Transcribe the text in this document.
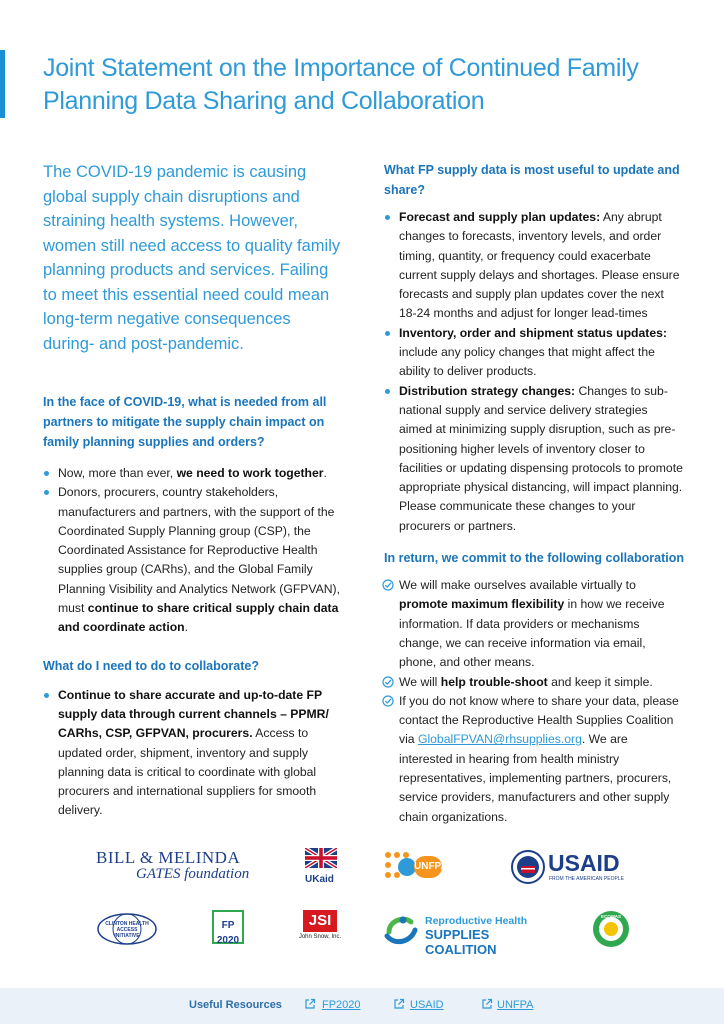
Joint Statement on the Importance of Continued Family Planning Data Sharing and Collaboration

The COVID-19 pandemic is causing global supply chain disruptions and straining health systems. However, women still need access to quality family planning products and services. Failing to meet this essential need could mean long-term negative consequences during- and post-pandemic.

In the face of COVID-19, what is needed from all partners to mitigate the supply chain impact on family planning supplies and orders?

Now, more than ever, we need to work together.
Donors, procurers, country stakeholders, manufacturers and partners, with the support of the Coordinated Supply Planning group (CSP), the Coordinated Assistance for Reproductive Health supplies group (CARhs), and the Global Family Planning Visibility and Analytics Network (GFPVAN), must continue to share critical supply chain data and coordinate action.

What do I need to do to collaborate?

Continue to share accurate and up-to-date FP supply data through current channels – PPMR/ CARhs, CSP, GFPVAN, procurers. Access to updated order, shipment, inventory and supply planning data is critical to coordinate with global procurers and international suppliers for smooth delivery.

What FP supply data is most useful to update and share?

Forecast and supply plan updates: Any abrupt changes to forecasts, inventory levels, and order timing, quantity, or frequency could exacerbate current supply delays and shortages. Please ensure forecasts and supply plan updates cover the next 18-24 months and adjust for longer lead-times
Inventory, order and shipment status updates: include any policy changes that might affect the ability to deliver products.
Distribution strategy changes: Changes to sub-national supply and service delivery strategies aimed at minimizing supply disruption, such as pre-positioning higher levels of inventory closer to facilities or updating dispensing protocols to promote appropriate physical distancing, will impact planning. Please communicate these changes to your procurers or partners.

In return, we commit to the following collaboration

We will make ourselves available virtually to promote maximum flexibility in how we receive information. If data providers or mechanisms change, we can receive information via email, phone, and other means.
We will help trouble-shoot and keep it simple.
If you do not know where to share your data, please contact the Reproductive Health Supplies Coalition via GlobalFPVAN@rhsupplies.org. We are interested in hearing from health ministry representatives, implementing partners, procurers, service providers, manufacturers and other supply chain organizations.
BILL & MELINDA
GATES foundation	UKaid
UNFPA	USAID
FROM THE AMERICAN PEOPLE
CLINTON HEALTH ACCESS INITIATIVE
FP 2020
JSI
John Snow, Inc.
Reproductive Health
SUPPLIES COALITION
ECOWAS
Useful Resources	FP2020	USAID	UNFPA
